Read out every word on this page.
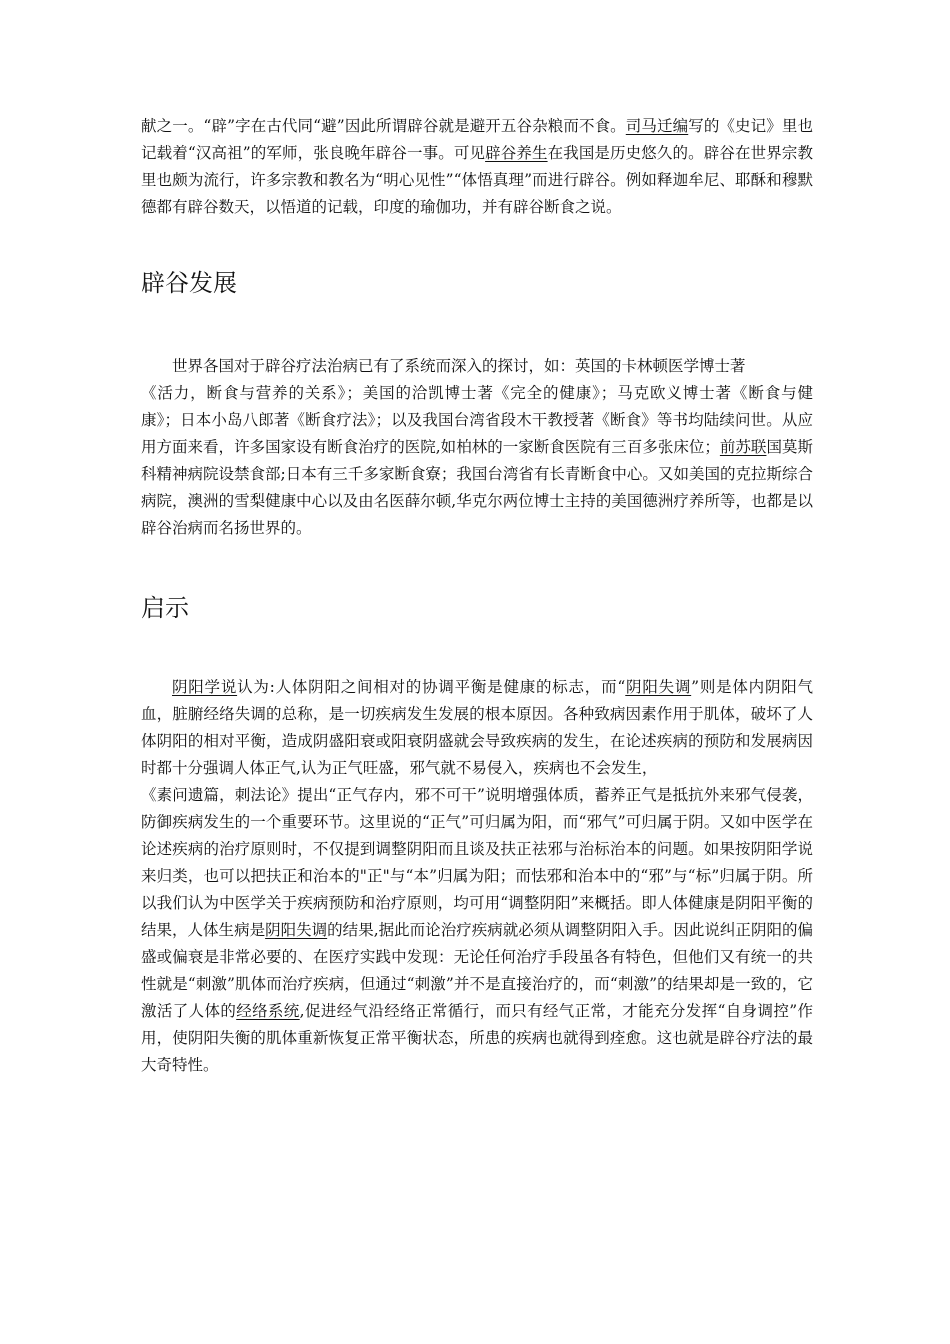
献之一。“辟”字在古代同“避”因此所谓辟谷就是避开五谷杂粮而不食。司马迁编写的《史记》里也记载着“汉高祖”的军师，张良晚年辟谷一事。可见辟谷养生在我国是历史悠久的。辟谷在世界宗教里也颇为流行，许多宗教和教名为“明心见性”“体悟真理”而进行辟谷。例如释迦牟尼、耶酥和穆默德都有辟谷数天，以悟道的记载，印度的瑜伽功，并有辟谷断食之说。

辟谷发展

世界各国对于辟谷疗法治病已有了系统而深入的探讨，如：英国的卡林顿医学博士著
《活力，断食与营养的关系》；美国的洽凯博士著《完全的健康》；马克欧义博士著《断食与健康》；日本小岛八郎著《断食疗法》；以及我国台湾省段木干教授著《断食》等书均陆续问世。从应用方面来看，许多国家设有断食治疗的医院,如柏林的一家断食医院有三百多张床位；前苏联国莫斯科精神病院设禁食部;日本有三千多家断食寮；我国台湾省有长青断食中心。又如美国的克拉斯综合病院，澳洲的雪梨健康中心以及由名医薛尔顿,华克尔两位博士主持的美国德洲疗养所等，也都是以辟谷治病而名扬世界的。

启示

阴阳学说认为:人体阴阳之间相对的协调平衡是健康的标志，而“阴阳失调”则是体内阴阳气血，脏腑经络失调的总称，是一切疾病发生发展的根本原因。各种致病因素作用于肌体，破坏了人体阴阳的相对平衡，造成阴盛阳衰或阳衰阴盛就会导致疾病的发生，在论述疾病的预防和发展病因时都十分强调人体正气,认为正气旺盛，邪气就不易侵入，疾病也不会发生，
《素问遗篇，刺法论》提出“正气存内，邪不可干”说明增强体质，蓄养正气是抵抗外来邪气侵袭，防御疾病发生的一个重要环节。这里说的“正气”可归属为阳，而“邪气”可归属于阴。又如中医学在论述疾病的治疗原则时，不仅提到调整阴阳而且谈及扶正祛邪与治标治本的问题。如果按阴阳学说来归类，也可以把扶正和治本的"正"与“本”归属为阳；而怯邪和治本中的“邪”与“标”归属于阴。所以我们认为中医学关于疾病预防和治疗原则，均可用“调整阴阳”来概括。即人体健康是阴阳平衡的结果，人体生病是阴阳失调的结果,据此而论治疗疾病就必须从调整阴阳入手。因此说纠正阴阳的偏盛或偏衰是非常必要的、在医疗实践中发现：无论任何治疗手段虽各有特色，但他们又有统一的共性就是“刺激”肌体而治疗疾病，但通过“刺激”并不是直接治疗的，而“刺激”的结果却是一致的，它激活了人体的经络系统,促进经气沿经络正常循行，而只有经气正常，才能充分发挥“自身调控”作用，使阴阳失衡的肌体重新恢复正常平衡状态，所患的疾病也就得到痊愈。这也就是辟谷疗法的最大奇特性。
